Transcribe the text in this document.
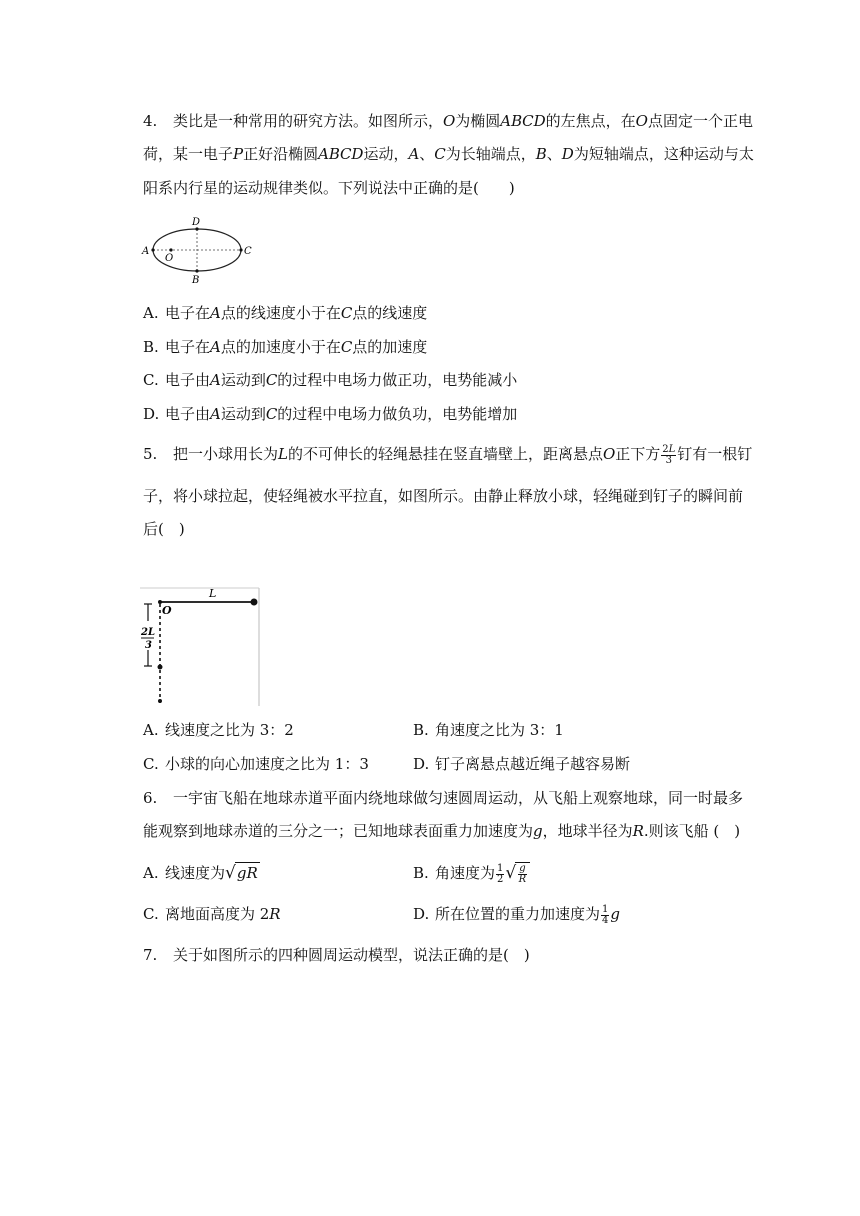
4. 类比是一种常用的研究方法。如图所示，𝑂为椭圆𝐴𝐵𝐶𝐷的左焦点，在𝑂点固定一个正电
荷，某一电子𝑃正好沿椭圆𝐴𝐵𝐶𝐷运动，𝐴、𝐶为长轴端点，𝐵、𝐷为短轴端点，这种运动与太
阳系内行星的运动规律类似。下列说法中正确的是(　　)
A	C
D
B
O
A. 电子在𝐴点的线速度小于在𝐶点的线速度
B. 电子在𝐴点的加速度小于在𝐶点的加速度
C. 电子由𝐴运动到𝐶的过程中电场力做正功，电势能减小
D. 电子由𝐴运动到𝐶的过程中电场力做负功，电势能增加
5. 把一小球用长为𝐿的不可伸长的轻绳悬挂在竖直墙壁上，距离悬点𝑂正下方 $\frac{\text{2𝐿}}{3}$ 钉有一根钉
子，将小球拉起，使轻绳被水平拉直，如图所示。由静止释放小球，轻绳碰到钉子的瞬间前
后(　)
2L
3
O
L
A. 线速度之比为 3：2	B. 角速度之比为 3：1
C. 小球的向心加速度之比为 1：3	D. 钉子离悬点越近绳子越容易断
6. 一宇宙飞船在地球赤道平面内绕地球做匀速圆周运动，从飞船上观察地球，同一时最多
能观察到地球赤道的三分之一；已知地球表面重力加速度为𝑔，地球半径为𝑅.则该飞船 (　)
A. 线速度为√𝑔𝑅	B. 角速度为 $\frac{1}{2}$ √ $\frac{\text{𝑔}}{\text{𝑅}}$
C. 离地面高度为 2𝑅	D. 所在位置的重力加速度为 $\frac{1}{4}$ 𝑔
7. 关于如图所示的四种圆周运动模型，说法正确的是(　)
